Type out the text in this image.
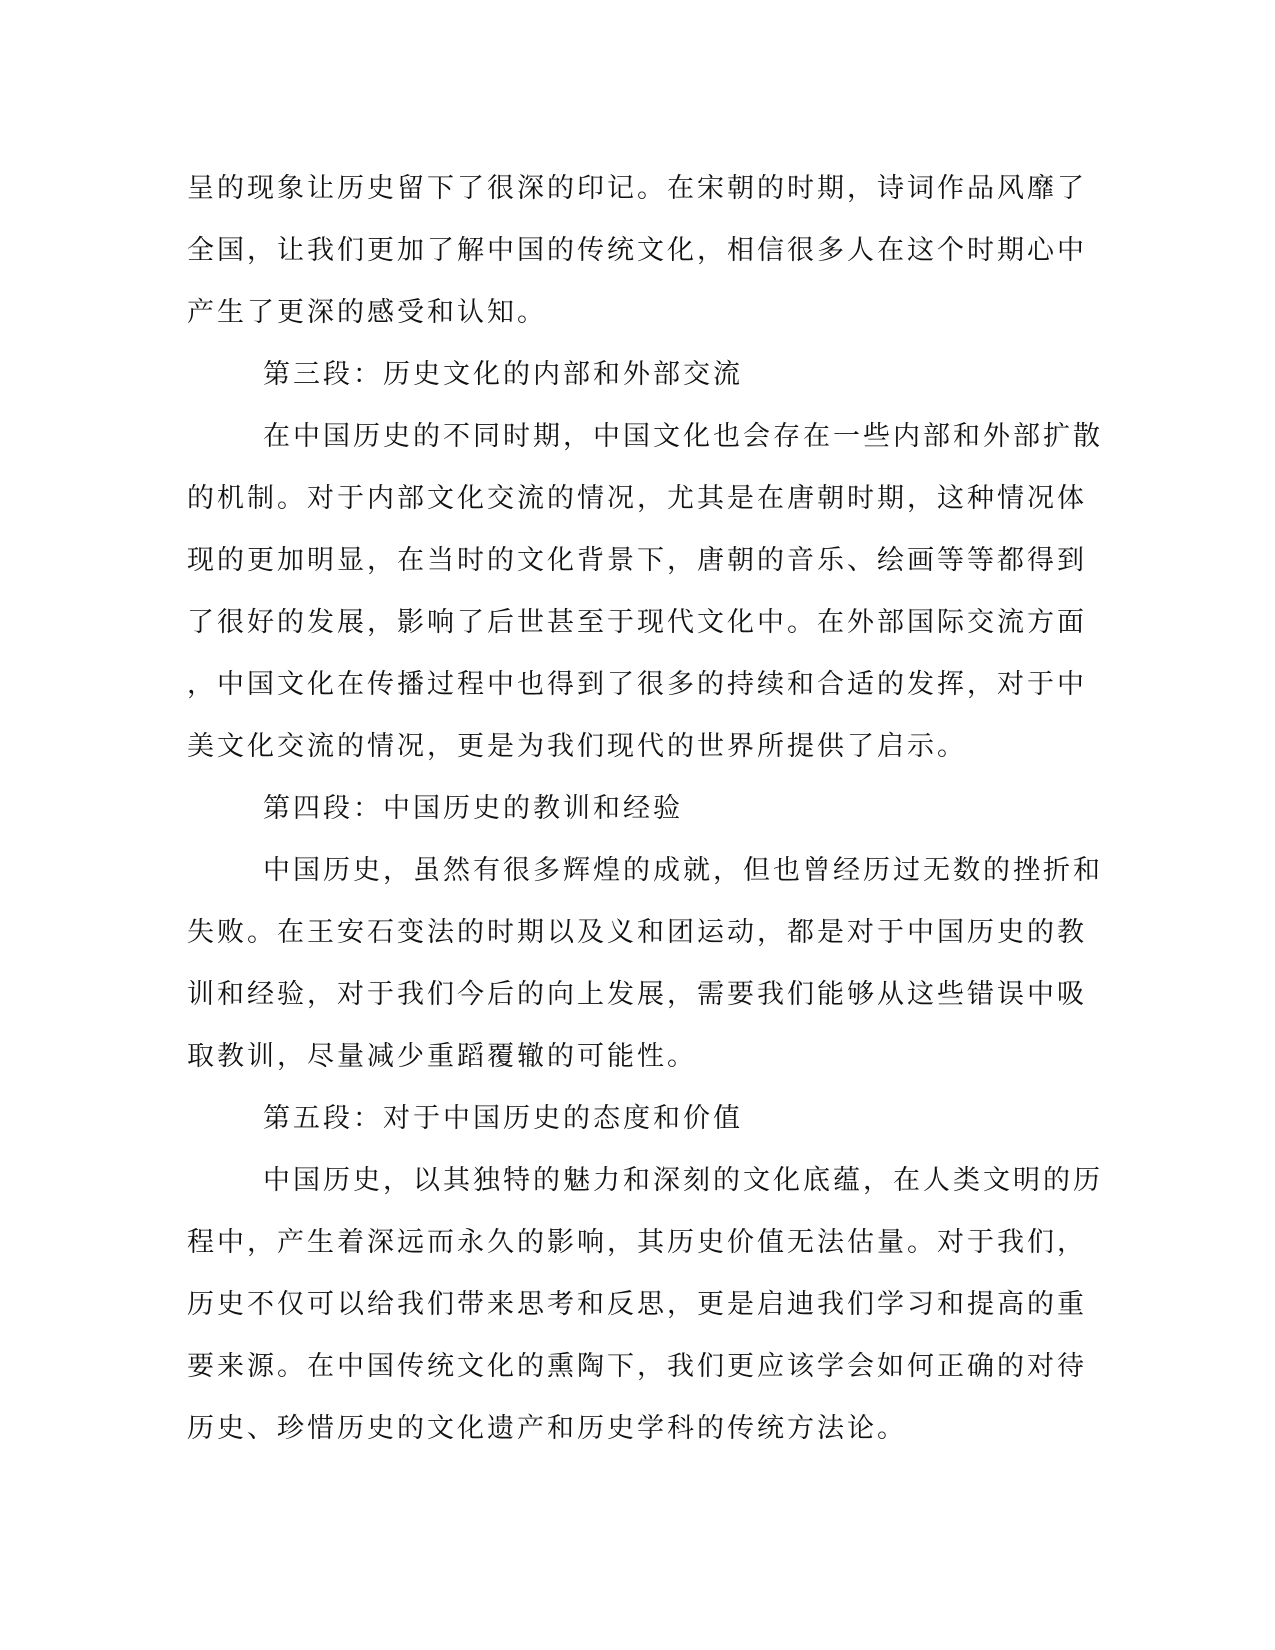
呈的现象让历史留下了很深的印记。在宋朝的时期，诗词作品风靡了
全国，让我们更加了解中国的传统文化，相信很多人在这个时期心中
产生了更深的感受和认知。
第三段：历史文化的内部和外部交流
在中国历史的不同时期，中国文化也会存在一些内部和外部扩散
的机制。对于内部文化交流的情况，尤其是在唐朝时期，这种情况体
现的更加明显，在当时的文化背景下，唐朝的音乐、绘画等等都得到
了很好的发展，影响了后世甚至于现代文化中。在外部国际交流方面
，中国文化在传播过程中也得到了很多的持续和合适的发挥，对于中
美文化交流的情况，更是为我们现代的世界所提供了启示。
第四段：中国历史的教训和经验
中国历史，虽然有很多辉煌的成就，但也曾经历过无数的挫折和
失败。在王安石变法的时期以及义和团运动，都是对于中国历史的教
训和经验，对于我们今后的向上发展，需要我们能够从这些错误中吸
取教训，尽量减少重蹈覆辙的可能性。
第五段：对于中国历史的态度和价值
中国历史，以其独特的魅力和深刻的文化底蕴，在人类文明的历
程中，产生着深远而永久的影响，其历史价值无法估量。对于我们，
历史不仅可以给我们带来思考和反思，更是启迪我们学习和提高的重
要来源。在中国传统文化的熏陶下，我们更应该学会如何正确的对待
历史、珍惜历史的文化遗产和历史学科的传统方法论。
